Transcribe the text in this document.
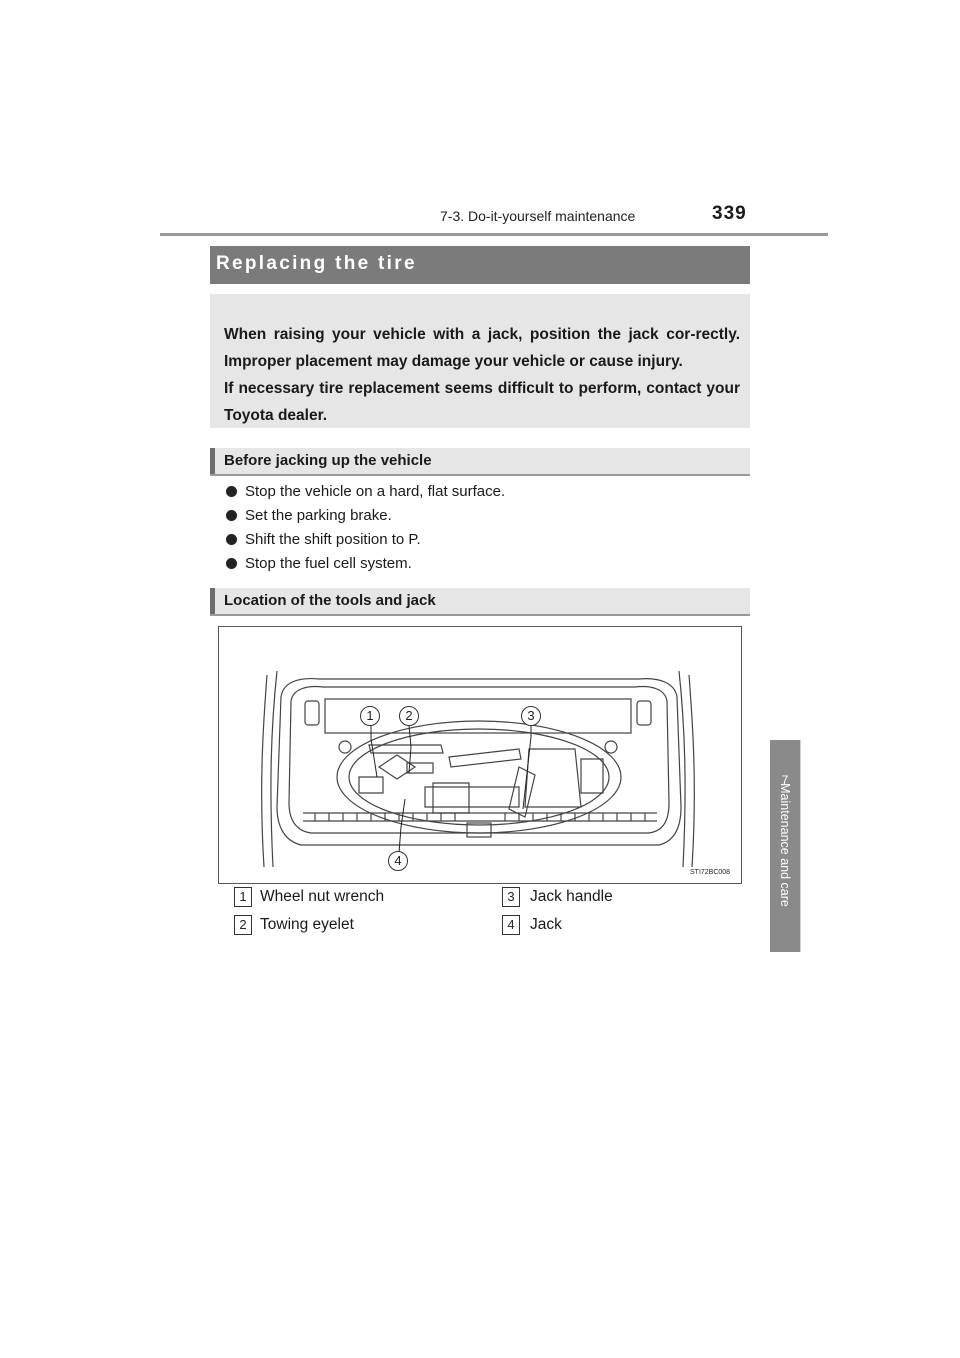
7-3. Do-it-yourself maintenance	339
7
Maintenance and care
Replacing the tire

When raising your vehicle with a jack, position the jack cor-rectly. Improper placement may damage your vehicle or cause injury.

If necessary tire replacement seems difficult to perform, contact your Toyota dealer.

Before jacking up the vehicle
Stop the vehicle on a hard, flat surface.
Set the parking brake.
Shift the shift position to P.
Stop the fuel cell system.
Location of the tools and jack
1	2	3
4
STI72BC008
1 Wheel nut wrench
2 Towing eyelet
3 Jack handle
4 Jack
